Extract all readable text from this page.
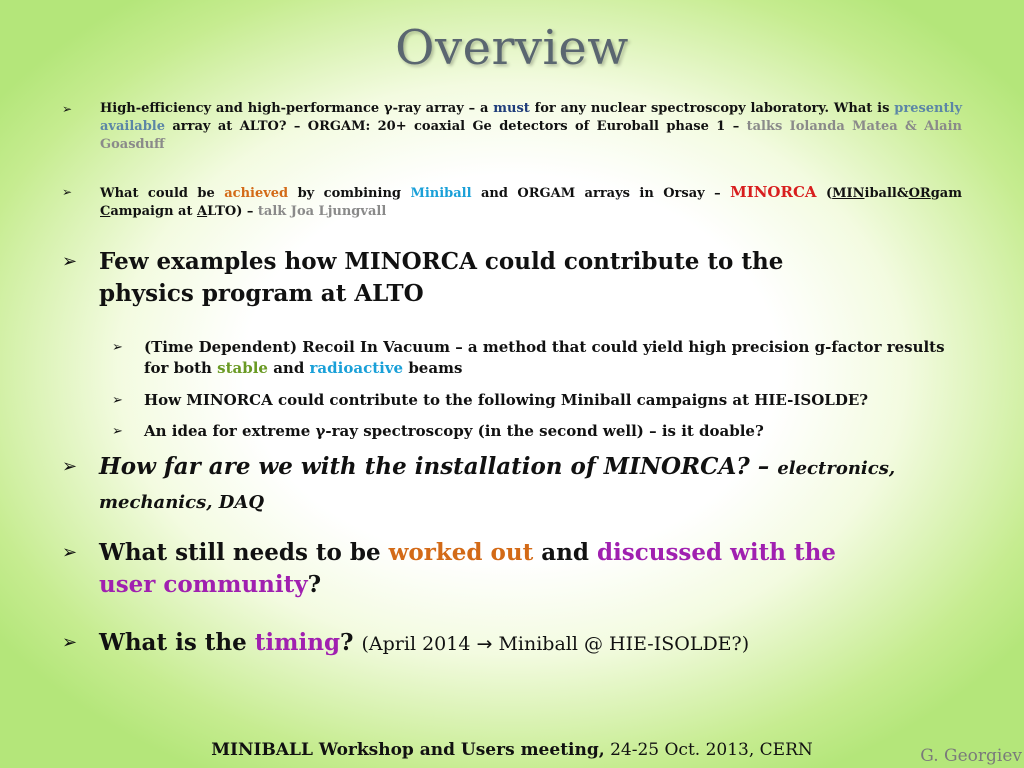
Overview
➢	High-efficiency and high-performance γ-ray array – a must for any nuclear spectroscopy laboratory. What is presently available array at ALTO? – ORGAM: 20+ coaxial Ge detectors of Euroball phase 1 – talks Iolanda Matea & Alain Goasduff
➢	What could be achieved by combining Miniball and ORGAM arrays in Orsay – MINORCA (MINiball&ORgam Campaign at ALTO) – talk Joa Ljungvall
➢ Few examples how MINORCA could contribute to the physics program at ALTO
➢	(Time Dependent) Recoil In Vacuum – a method that could yield high precision g-factor results for both stable and radioactive beams
➢	How MINORCA could contribute to the following Miniball campaigns at HIE-ISOLDE?
➢	An idea for extreme γ-ray spectroscopy (in the second well) – is it doable?
➢ How far are we with the installation of MINORCA? – electronics, mechanics, DAQ
➢ What still needs to be worked out and discussed with the user community?
➢ What is the timing? (April 2014 → Miniball @ HIE-ISOLDE?)
MINIBALL Workshop and Users meeting, 24-25 Oct. 2013, CERN	G. Georgiev
